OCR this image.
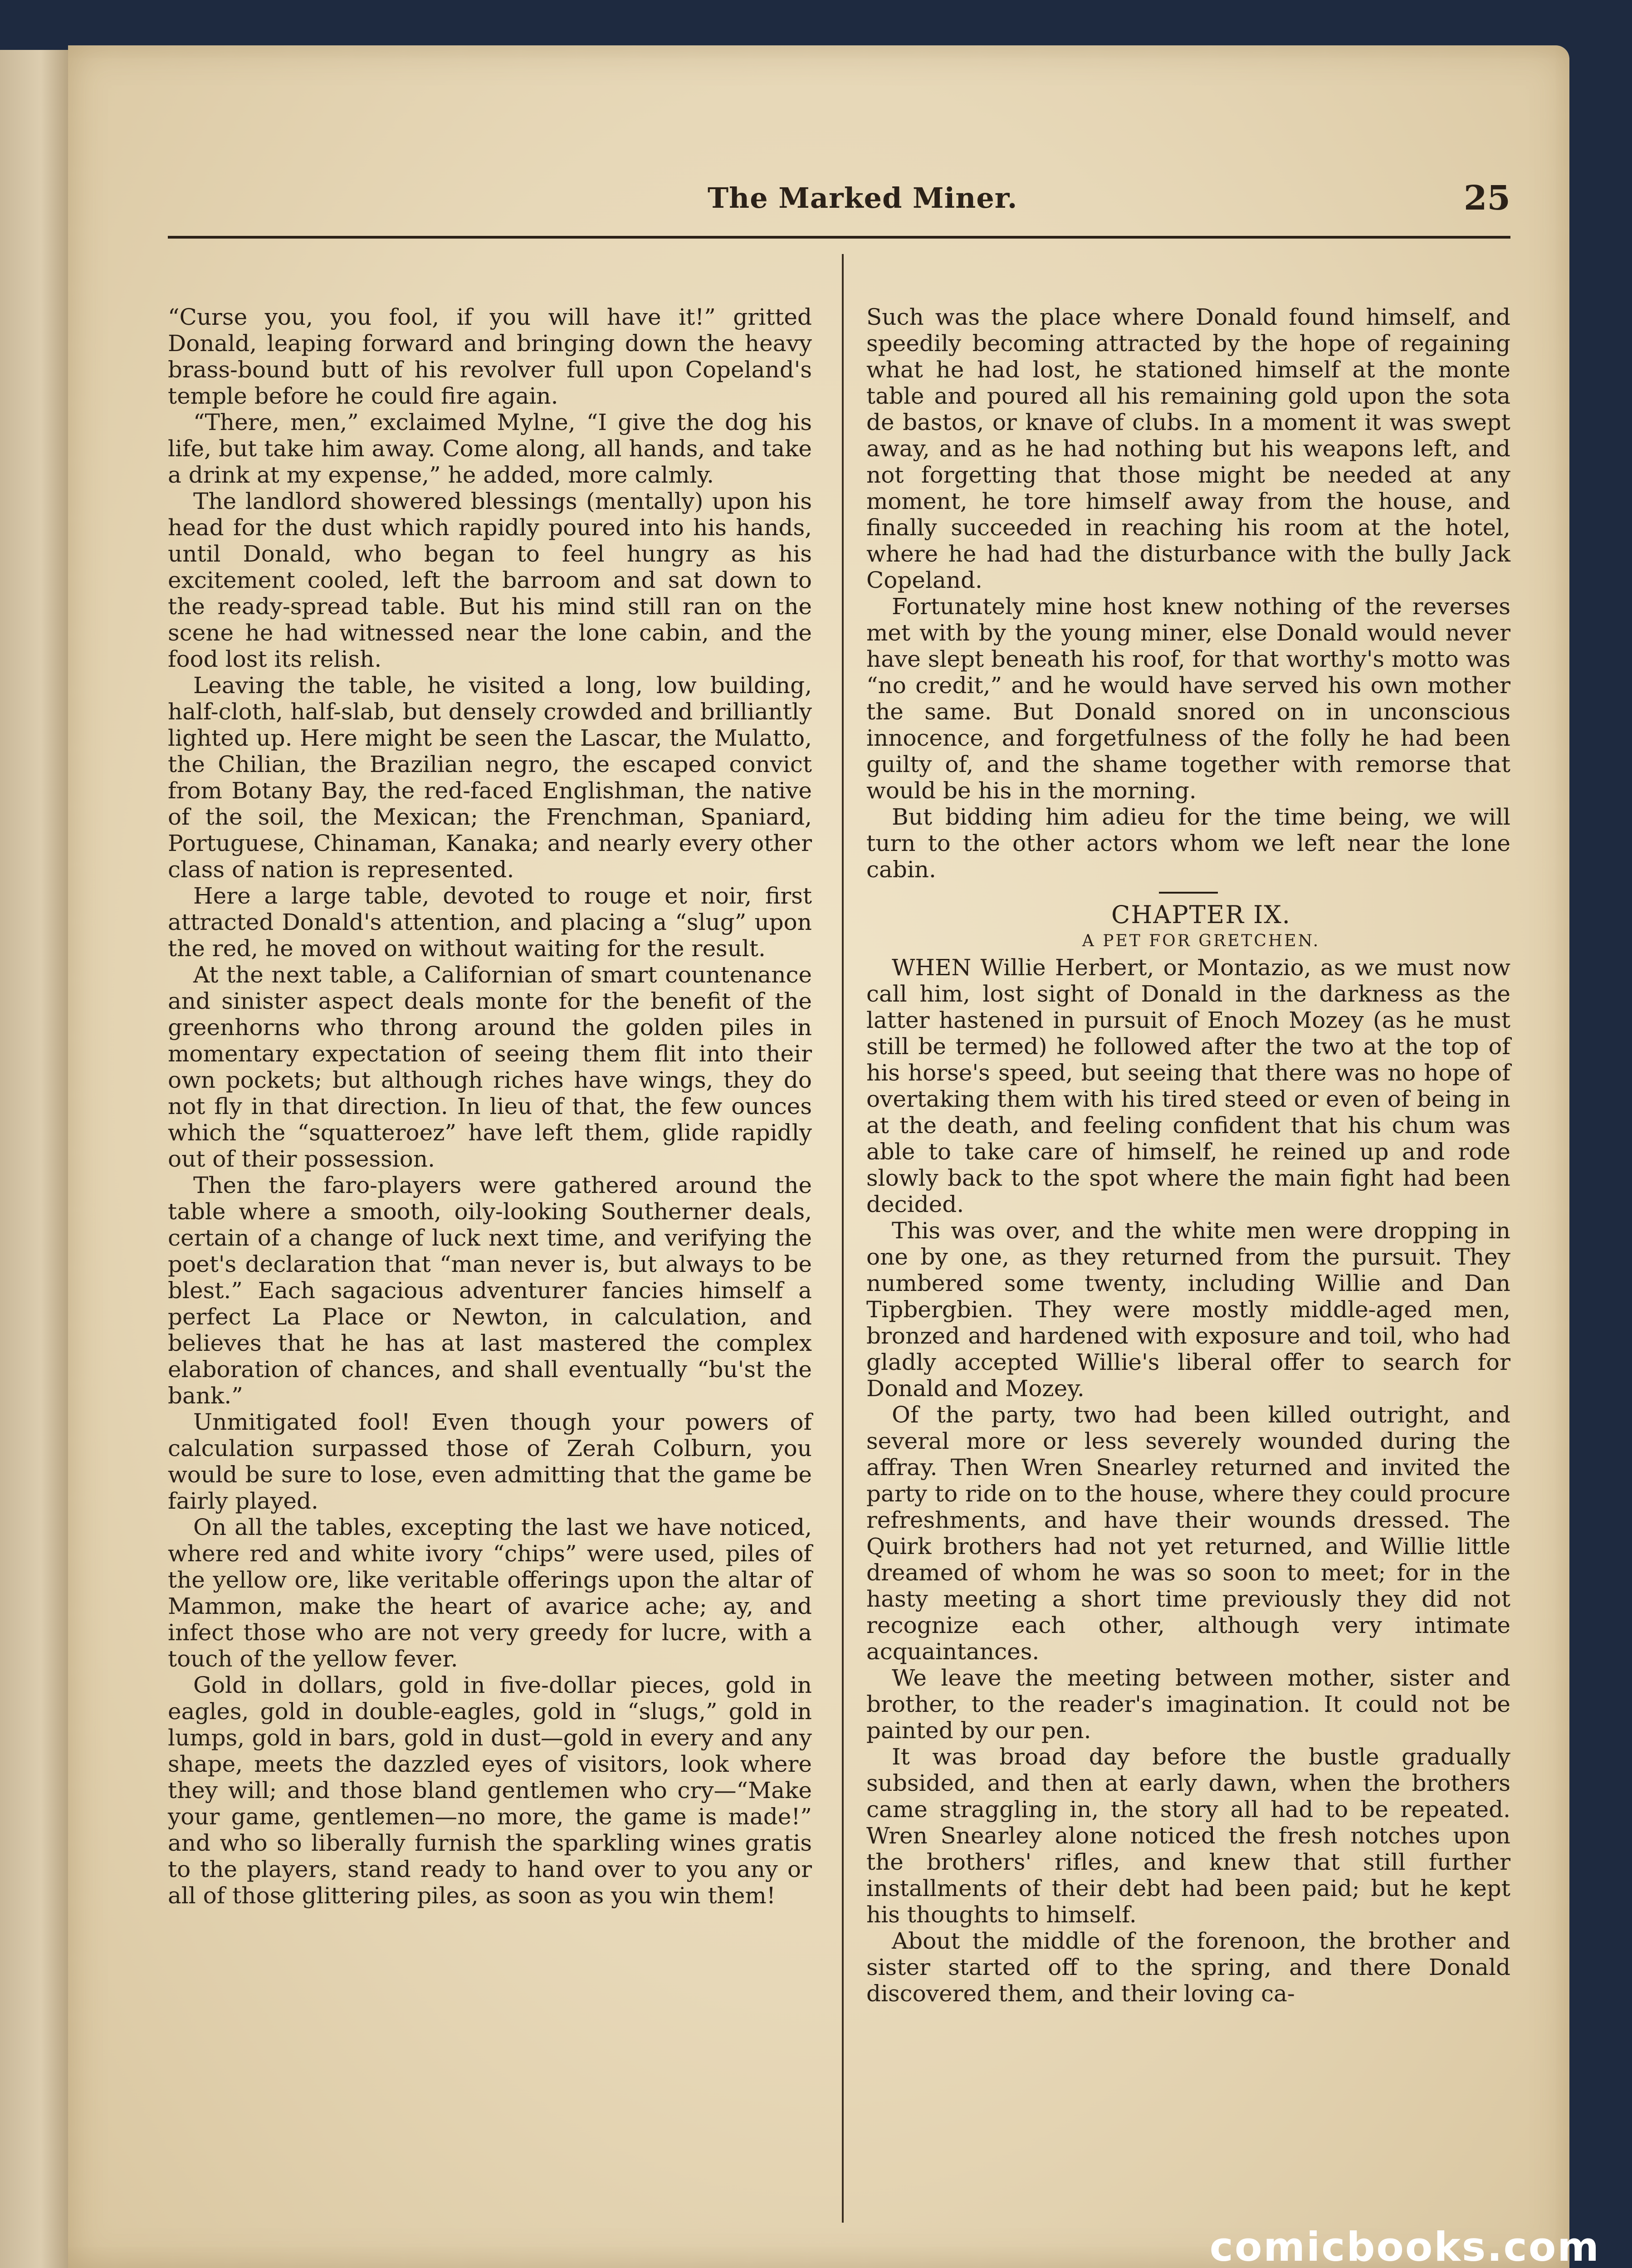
The Marked Miner.	25

“Curse you, you fool, if you will have it!” gritted Donald, leaping forward and bringing down the heavy brass-bound butt of his revolver full upon Copeland's temple before he could fire again.

“There, men,” exclaimed Mylne, “I give the dog his life, but take him away. Come along, all hands, and take a drink at my expense,” he added, more calmly.

The landlord showered blessings (mentally) upon his head for the dust which rapidly poured into his hands, until Donald, who began to feel hungry as his excitement cooled, left the barroom and sat down to the ready-spread table. But his mind still ran on the scene he had witnessed near the lone cabin, and the food lost its relish.

Leaving the table, he visited a long, low building, half-cloth, half-slab, but densely crowded and brilliantly lighted up. Here might be seen the Lascar, the Mulatto, the Chilian, the Brazilian negro, the escaped convict from Botany Bay, the red-faced Englishman, the native of the soil, the Mexican; the Frenchman, Spaniard, Portuguese, Chinaman, Kanaka; and nearly every other class of nation is represented.

Here a large table, devoted to rouge et noir, first attracted Donald's attention, and placing a “slug” upon the red, he moved on without waiting for the result.

At the next table, a Californian of smart countenance and sinister aspect deals monte for the benefit of the greenhorns who throng around the golden piles in momentary expectation of seeing them flit into their own pockets; but although riches have wings, they do not fly in that direction. In lieu of that, the few ounces which the “squatteroez” have left them, glide rapidly out of their possession.

Then the faro-players were gathered around the table where a smooth, oily-looking Southerner deals, certain of a change of luck next time, and verifying the poet's declaration that “man never is, but always to be blest.” Each sagacious adventurer fancies himself a perfect La Place or Newton, in calculation, and believes that he has at last mastered the complex elaboration of chances, and shall eventually “bu'st the bank.”

Unmitigated fool! Even though your powers of calculation surpassed those of Zerah Colburn, you would be sure to lose, even admitting that the game be fairly played.

On all the tables, excepting the last we have noticed, where red and white ivory “chips” were used, piles of the yellow ore, like veritable offerings upon the altar of Mammon, make the heart of avarice ache; ay, and infect those who are not very greedy for lucre, with a touch of the yellow fever.

Gold in dollars, gold in five-dollar pieces, gold in eagles, gold in double-eagles, gold in “slugs,” gold in lumps, gold in bars, gold in dust—gold in every and any shape, meets the dazzled eyes of visitors, look where they will; and those bland gentlemen who cry—“Make your game, gentlemen—no more, the game is made!” and who so liberally furnish the sparkling wines gratis to the players, stand ready to hand over to you any or all of those glittering piles, as soon as you win them!

Such was the place where Donald found himself, and speedily becoming attracted by the hope of regaining what he had lost, he stationed himself at the monte table and poured all his remaining gold upon the sota de bastos, or knave of clubs. In a moment it was swept away, and as he had nothing but his weapons left, and not forgetting that those might be needed at any moment, he tore himself away from the house, and finally succeeded in reaching his room at the hotel, where he had had the disturbance with the bully Jack Copeland.

Fortunately mine host knew nothing of the reverses met with by the young miner, else Donald would never have slept beneath his roof, for that worthy's motto was “no credit,” and he would have served his own mother the same. But Donald snored on in unconscious innocence, and forgetfulness of the folly he had been guilty of, and the shame together with remorse that would be his in the morning.

But bidding him adieu for the time being, we will turn to the other actors whom we left near the lone cabin.

CHAPTER IX.

A PET FOR GRETCHEN.

WHEN Willie Herbert, or Montazio, as we must now call him, lost sight of Donald in the darkness as the latter hastened in pursuit of Enoch Mozey (as he must still be termed) he followed after the two at the top of his horse's speed, but seeing that there was no hope of overtaking them with his tired steed or even of being in at the death, and feeling confident that his chum was able to take care of himself, he reined up and rode slowly back to the spot where the main fight had been decided.

This was over, and the white men were dropping in one by one, as they returned from the pursuit. They numbered some twenty, including Willie and Dan Tipbergbien. They were mostly middle-aged men, bronzed and hardened with exposure and toil, who had gladly accepted Willie's liberal offer to search for Donald and Mozey.

Of the party, two had been killed outright, and several more or less severely wounded during the affray. Then Wren Snearley returned and invited the party to ride on to the house, where they could procure refreshments, and have their wounds dressed. The Quirk brothers had not yet returned, and Willie little dreamed of whom he was so soon to meet; for in the hasty meeting a short time previously they did not recognize each other, although very intimate acquaintances.

We leave the meeting between mother, sister and brother, to the reader's imagination. It could not be painted by our pen.

It was broad day before the bustle gradually subsided, and then at early dawn, when the brothers came straggling in, the story all had to be repeated. Wren Snearley alone noticed the fresh notches upon the brothers' rifles, and knew that still further installments of their debt had been paid; but he kept his thoughts to himself.

About the middle of the forenoon, the brother and sister started off to the spring, and there Donald discovered them, and their loving ca-

comicbooks.com
